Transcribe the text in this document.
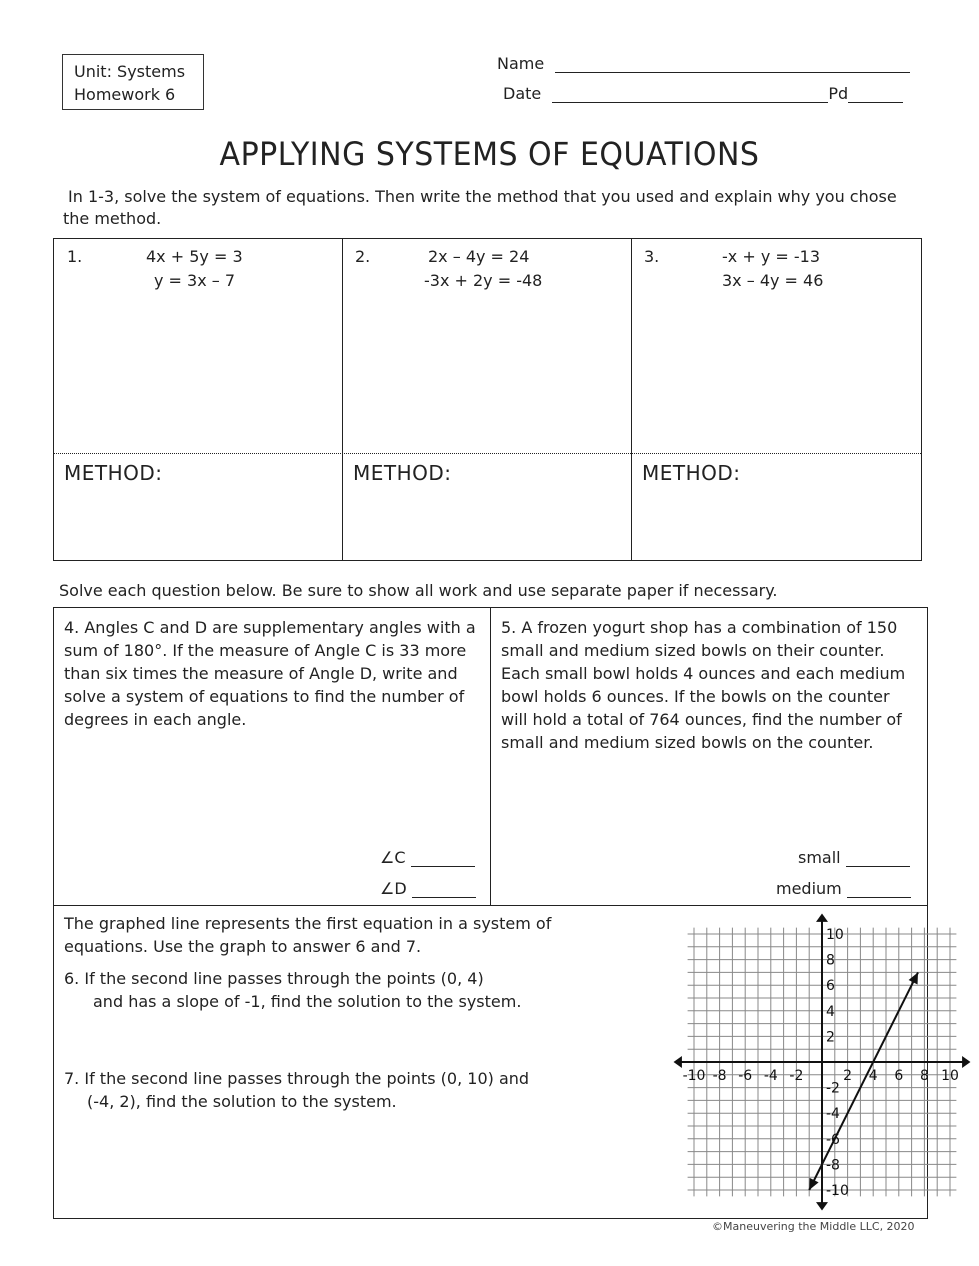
Unit: Systems
Homework 6
Name
Date	Pd
APPLYING SYSTEMS OF EQUATIONS
In 1-3, solve the system of equations. Then write the method that you used and explain why you chose the method.
1.	4x + 5y = 3
y = 3x – 7
2.	2x – 4y = 24
-3x + 2y = -48
3.	-x + y = -13
3x – 4y = 46
METHOD:	METHOD:	METHOD:
Solve each question below. Be sure to show all work and use separate paper if necessary.
4. Angles C and D are supplementary angles with a sum of 180°. If the measure of Angle C is 33 more than six times the measure of Angle D, write and solve a system of equations to find the number of degrees in each angle.
∠C
∠D
5. A frozen yogurt shop has a combination of 150 small and medium sized bowls on their counter. Each small bowl holds 4 ounces and each medium bowl holds 6 ounces. If the bowls on the counter will hold a total of 764 ounces, find the number of small and medium sized bowls on the counter.
small
medium
The graphed line represents the first equation in a system of equations. Use the graph to answer 6 and 7.
6. If the second line passes through the points (0, 4)
and has a slope of -1, find the solution to the system.
7. If the second line passes through the points (0, 10) and
(-4, 2), find the solution to the system.
-10 -8 -6 -4 -2	2 4 6 8 10
10
8
6
4
2
-2
-4
-6
-8
-10
©Maneuvering the Middle LLC, 2020
